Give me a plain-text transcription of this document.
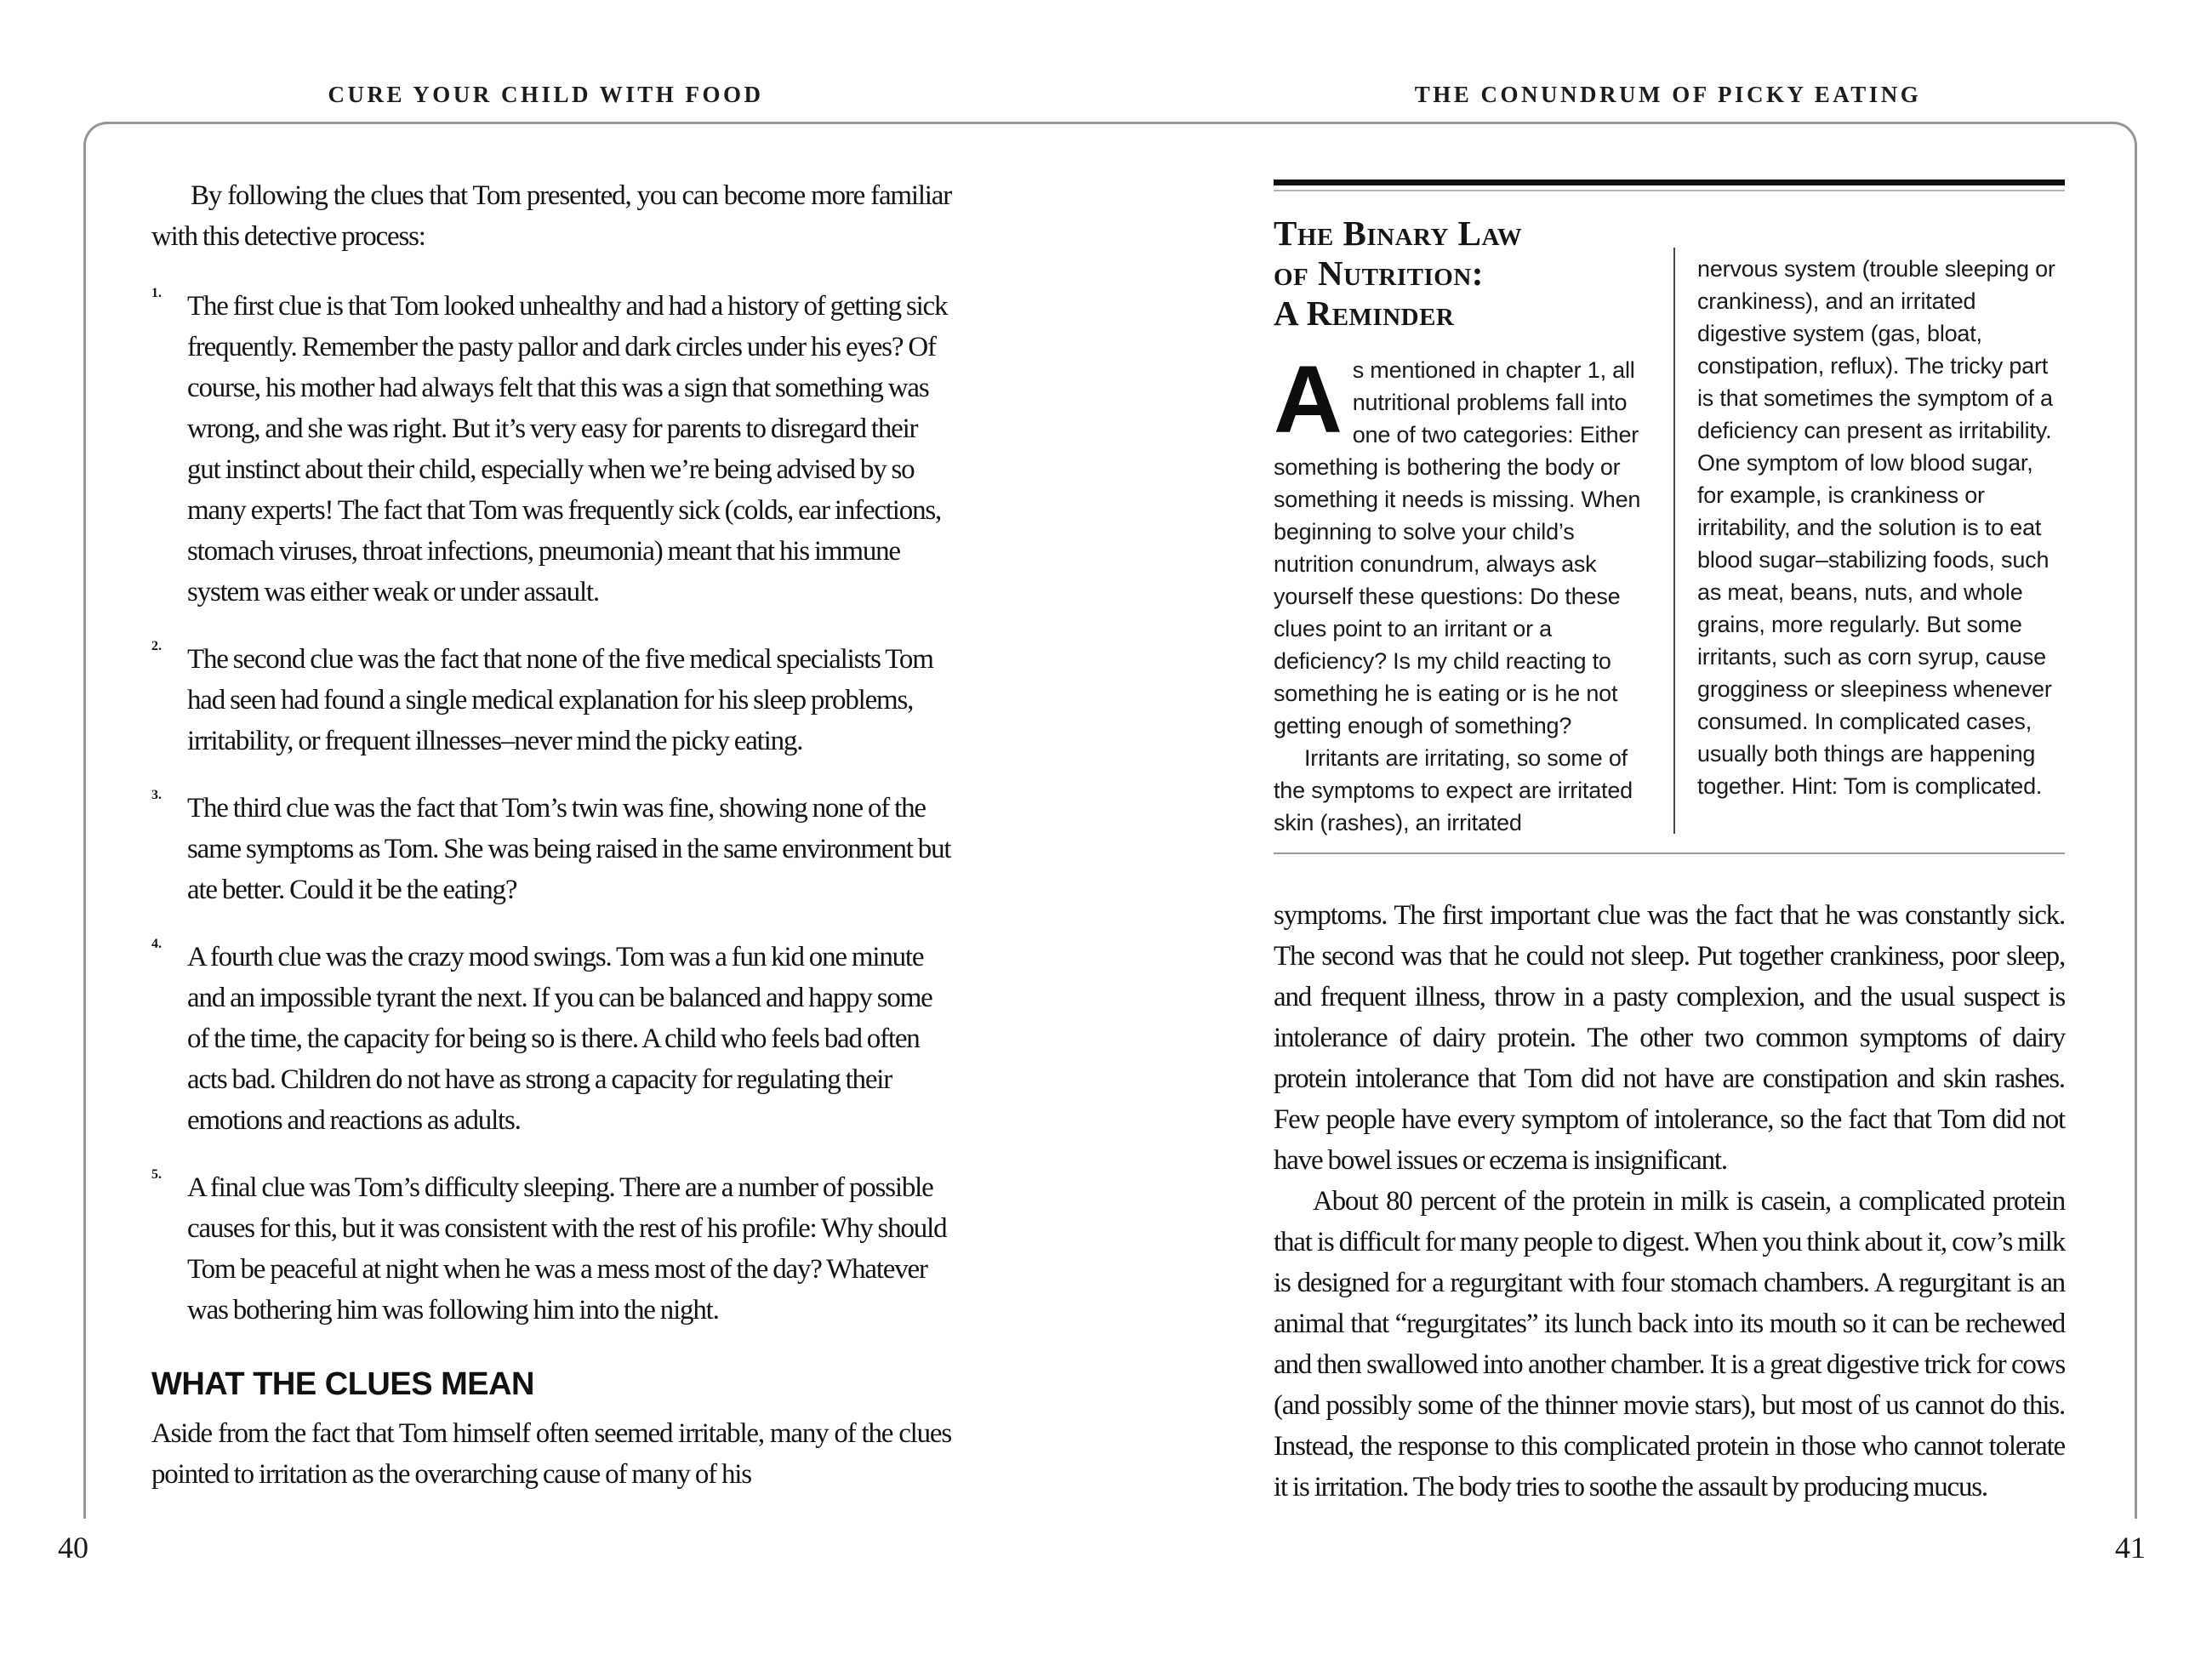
CURE YOUR CHILD WITH FOOD	THE CONUNDRUM OF PICKY EATING

By following the clues that Tom presented, you can become more familiar with this detective process:

1. The first clue is that Tom looked unhealthy and had a history of getting sick frequently. Remember the pasty pallor and dark circles under his eyes? Of course, his mother had always felt that this was a sign that something was wrong, and she was right. But it’s very easy for parents to disregard their gut instinct about their child, especially when we’re being advised by so many experts! The fact that Tom was frequently sick (colds, ear infections, stomach viruses, throat infections, pneumonia) meant that his immune system was either weak or under assault.
2. The second clue was the fact that none of the five medical specialists Tom had seen had found a single medical explanation for his sleep problems, irritability, or frequent illnesses–never mind the picky eating.
3. The third clue was the fact that Tom’s twin was fine, showing none of the same symptoms as Tom. She was being raised in the same environment but ate better. Could it be the eating?
4. A fourth clue was the crazy mood swings. Tom was a fun kid one minute and an impossible tyrant the next. If you can be balanced and happy some of the time, the capacity for being so is there. A child who feels bad often acts bad. Children do not have as strong a capacity for regulating their emotions and reactions as adults.
5. A final clue was Tom’s difficulty sleeping. There are a number of possible causes for this, but it was consistent with the rest of his profile: Why should Tom be peaceful at night when he was a mess most of the day? Whatever was bothering him was following him into the night.
WHAT THE CLUES MEAN

Aside from the fact that Tom himself often seemed irritable, many of the clues pointed to irritation as the overarching cause of many of his

40
The Binary Law
of Nutrition:
A Reminder

A s mentioned in chapter 1, all nutritional problems fall into one of two categories: Either something is bothering the body or something it needs is missing. When beginning to solve your child’s nutrition conundrum, always ask yourself these questions: Do these clues point to an irritant or a deficiency? Is my child reacting to something he is eating or is he not getting enough of something?

Irritants are irritating, so some of the symptoms to expect are irritated skin (rashes), an irritated

nervous system (trouble sleeping or crankiness), and an irritated digestive system (gas, bloat, constipation, reflux). The tricky part is that sometimes the symptom of a deficiency can present as irritability. One symptom of low blood sugar, for example, is crankiness or irritability, and the solution is to eat blood sugar–stabilizing foods, such as meat, beans, nuts, and whole grains, more regularly. But some irritants, such as corn syrup, cause grogginess or sleepiness whenever consumed. In complicated cases, usually both things are happening together. Hint: Tom is complicated.

symptoms. The first important clue was the fact that he was constantly sick. The second was that he could not sleep. Put together crankiness, poor sleep, and frequent illness, throw in a pasty complexion, and the usual suspect is intolerance of dairy protein. The other two common symptoms of dairy protein intolerance that Tom did not have are constipation and skin rashes. Few people have every symptom of intolerance, so the fact that Tom did not have bowel issues or eczema is insignificant.

About 80 percent of the protein in milk is casein, a complicated protein that is difficult for many people to digest. When you think about it, cow’s milk is designed for a regurgitant with four stomach chambers. A regurgitant is an animal that “regurgitates” its lunch back into its mouth so it can be rechewed and then swallowed into another chamber. It is a great digestive trick for cows (and possibly some of the thinner movie stars), but most of us cannot do this. Instead, the response to this complicated protein in those who cannot tolerate it is irritation. The body tries to soothe the assault by producing mucus.

41
